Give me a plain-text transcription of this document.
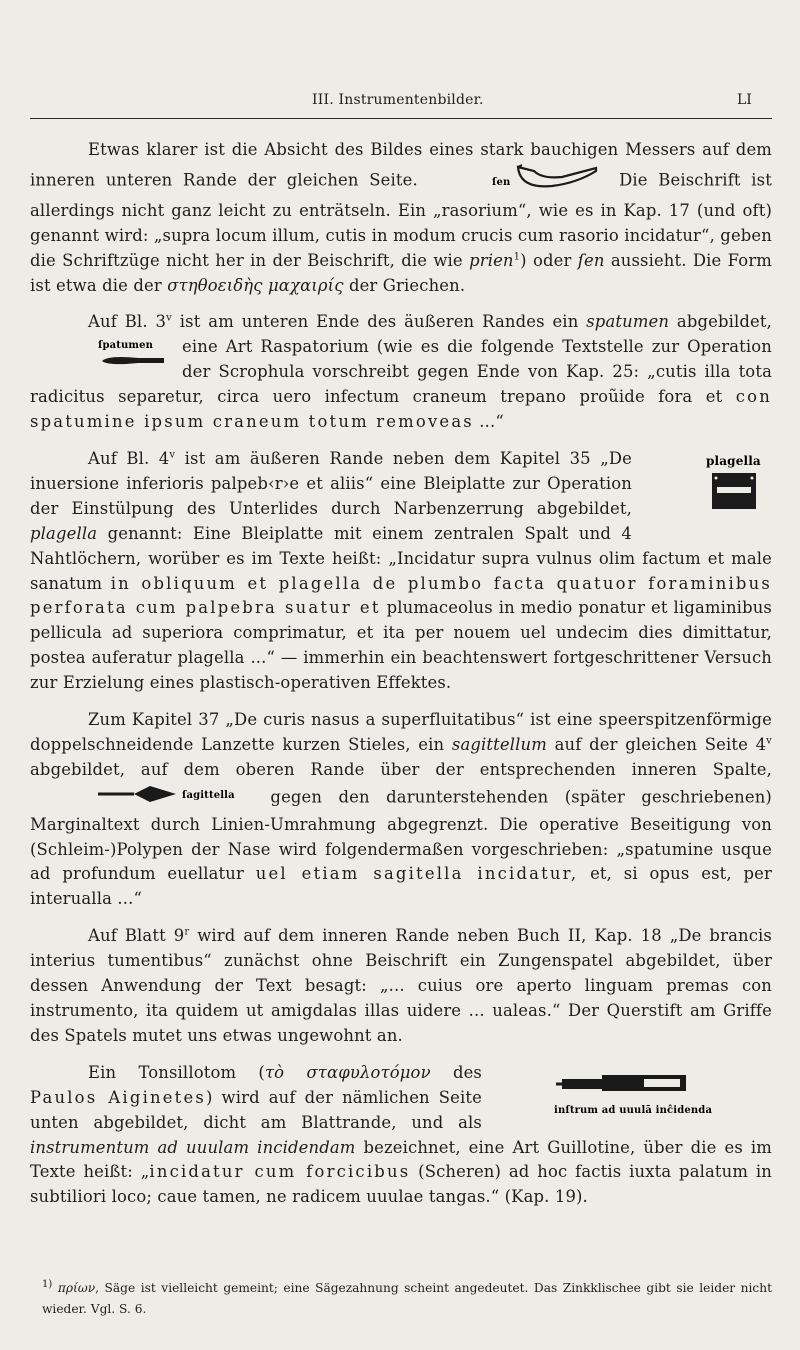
III. Instrumentenbilder.	LI

Etwas klarer ist die Absicht des Bildes eines stark bauchigen Messers auf dem inneren unteren Rande der gleichen Seite.	ſen	Die Beischrift ist allerdings nicht ganz leicht zu enträtseln. Ein „rasorium“, wie es in Kap. 17 (und oft) genannt wird: „supra locum illum, cutis in modum crucis cum rasorio incidatur“, geben die Schriftzüge nicht her in der Beischrift, die wie prien$^1$) oder ſen aussieht. Die Form ist etwa die der στηθοειδὴς μαχαιρίς der Griechen.

Auf Bl. 3$^v$ ist am unteren Ende des äußeren Randes ein spatumen
ſpatumen
abgebildet, eine Art Raspatorium (wie es die folgende Textstelle zur Operation der Scrophula vorschreibt gegen Ende von Kap. 25: „cutis illa tota radicitus separetur, circa uero infectum craneum trepano proũide fora et con spatumine ipsum craneum totum removeas ...“

plagella
Auf Bl. 4$^v$ ist am äußeren Rande neben dem Kapitel 35 „De inuersione inferioris palpeb‹r›e et aliis“ eine Bleiplatte zur Operation der Einstülpung des Unterlides durch Narbenzerrung abgebildet, plagella genannt: Eine Bleiplatte mit einem zentralen Spalt und 4 Nahtlöchern, worüber es im Texte heißt: „Incidatur supra vulnus olim factum et male sanatum in obliquum et plagella de plumbo facta quatuor foraminibus perforata cum palpebra suatur et plumaceolus in medio ponatur et ligaminibus pellicula ad superiora comprimatur, et ita per nouem uel undecim dies dimittatur, postea auferatur plagella ...“ — immerhin ein beachtenswert fortgeschrittener Versuch zur Erzielung eines plastisch-operativen Effektes.

Zum Kapitel 37 „De curis nasus a superfluitatibus“ ist eine speerspitzenförmige doppelschneidende Lanzette kurzen Stieles, ein sagittellum auf der gleichen Seite 4$^v$ abgebildet, auf dem oberen Rande über der entsprechenden inneren Spalte,
ſagittella gegen den darunterstehenden (später geschriebenen) Marginaltext durch Linien-Umrahmung abgegrenzt. Die operative Beseitigung von (Schleim-)Polypen der Nase wird folgendermaßen vorgeschrieben: „spatumine usque ad profundum euellatur uel etiam sagitella incidatur, et, si opus est, per interualla ...“

Auf Blatt 9$^r$ wird auf dem inneren Rande neben Buch II, Kap. 18 „De brancis interius tumentibus“ zunächst ohne Beischrift ein Zungenspatel abgebildet, über dessen Anwendung der Text besagt: „... cuius ore aperto linguam premas con instrumento, ita quidem ut amigdalas illas uidere ... ualeas.“ Der Querstift am Griffe des Spatels mutet uns etwas ungewohnt an.

inſtrum ad uuulā inĉidenda
Ein Tonsillotom (τὸ σταφυλοτόμον des Paulos Aiginetes) wird auf der nämlichen Seite unten abgebildet, dicht am Blattrande, und als instrumentum ad uuulam incidendam bezeichnet, eine Art Guillotine, über die es im Texte heißt: „incidatur cum forcicibus (Scheren) ad hoc factis iuxta palatum in subtiliori loco; caue tamen, ne radicem uuulae tangas.“ (Kap. 19).

$^{1)}$ πρίων, Säge ist vielleicht gemeint; eine Sägezahnung scheint angedeutet. Das Zinkklischee gibt sie leider nicht wieder. Vgl. S. 6.
